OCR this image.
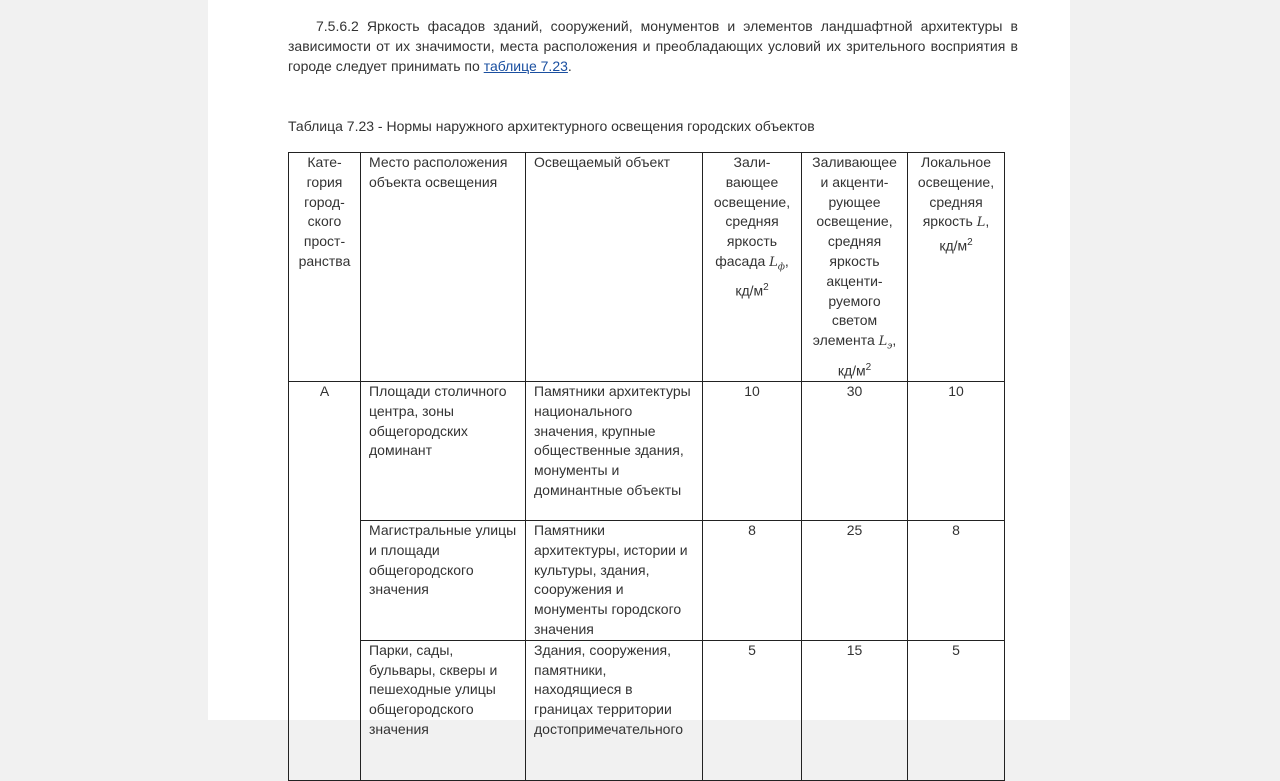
7.5.6.2 Яркость фасадов зданий, сооружений, монументов и элементов ландшафтной архитектуры в зависимости от их значимости, места расположения и преобладающих условий их зрительного восприятия в городе следует принимать по таблице 7.23.
Таблица 7.23 - Нормы наружного архитектурного освещения городских объектов
Кате-гория город-ского прост-ранства	Место расположения объекта освещения	Освещаемый объект	Зали-вающее освещение, средняя яркость фасада $L_ф$, $кд/м^2$	Заливающее и акценти-рующее освещение, средняя яркость акценти-руемого светом элемента $L_э$, $кд/м^2$	Локальное освещение, средняя яркость L, $кд/м^2$
А	Площади столичного центра, зоны общегородских доминант	Памятники архитектуры национального значения, крупные общественные здания, монументы и доминантные объекты	10	30	10
	Магистральные улицы и площади общегородского значения	Памятники архитектуры, истории и культуры, здания, сооружения и монументы городского значения	8	25	8
	Парки, сады, бульвары, скверы и пешеходные улицы общегородского значения	Здания, сооружения, памятники, находящиеся в границах территории достопримечательного	5	15	5
